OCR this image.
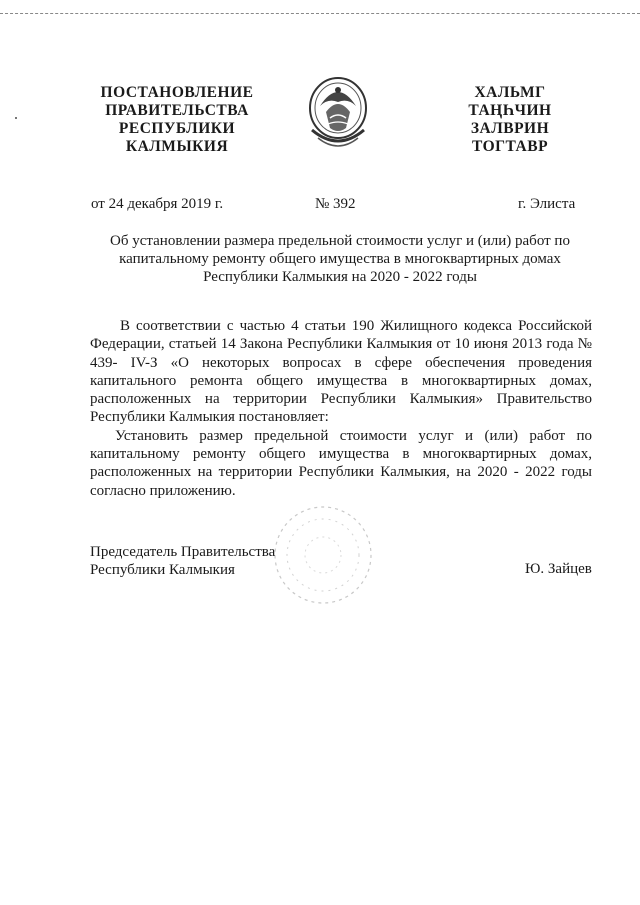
ПОСТАНОВЛЕНИЕ
ПРАВИТЕЛЬСТВА
РЕСПУБЛИКИ
КАЛМЫКИЯ
ХАЛЬМГ
ТАҢҺЧИН
ЗАЛВРИН
ТОГТАВР
от 24 декабря 2019 г.	№ 392	г. Элиста
Об установлении размера предельной стоимости услуг и (или) работ по капитальному ремонту общего имущества в многоквартирных домах Республики Калмыкия на 2020 - 2022 годы

В соответствии с частью 4 статьи 190 Жилищного кодекса Российской Федерации, статьей 14 Закона Республики Калмыкия от 10 июня 2013 года № 439- IV-З «О некоторых вопросах в сфере обеспечения проведения капитального ремонта общего имущества в многоквартирных домах, расположенных на территории Республики Калмыкия» Правительство Республики Калмыкия постановляет:

Установить размер предельной стоимости услуг и (или) работ по капитальному ремонту общего имущества в многоквартирных домах, расположенных на территории Республики Калмыкия, на 2020 - 2022 годы согласно приложению.

Председатель Правительства
Республики Калмыкия	Ю. Зайцев
